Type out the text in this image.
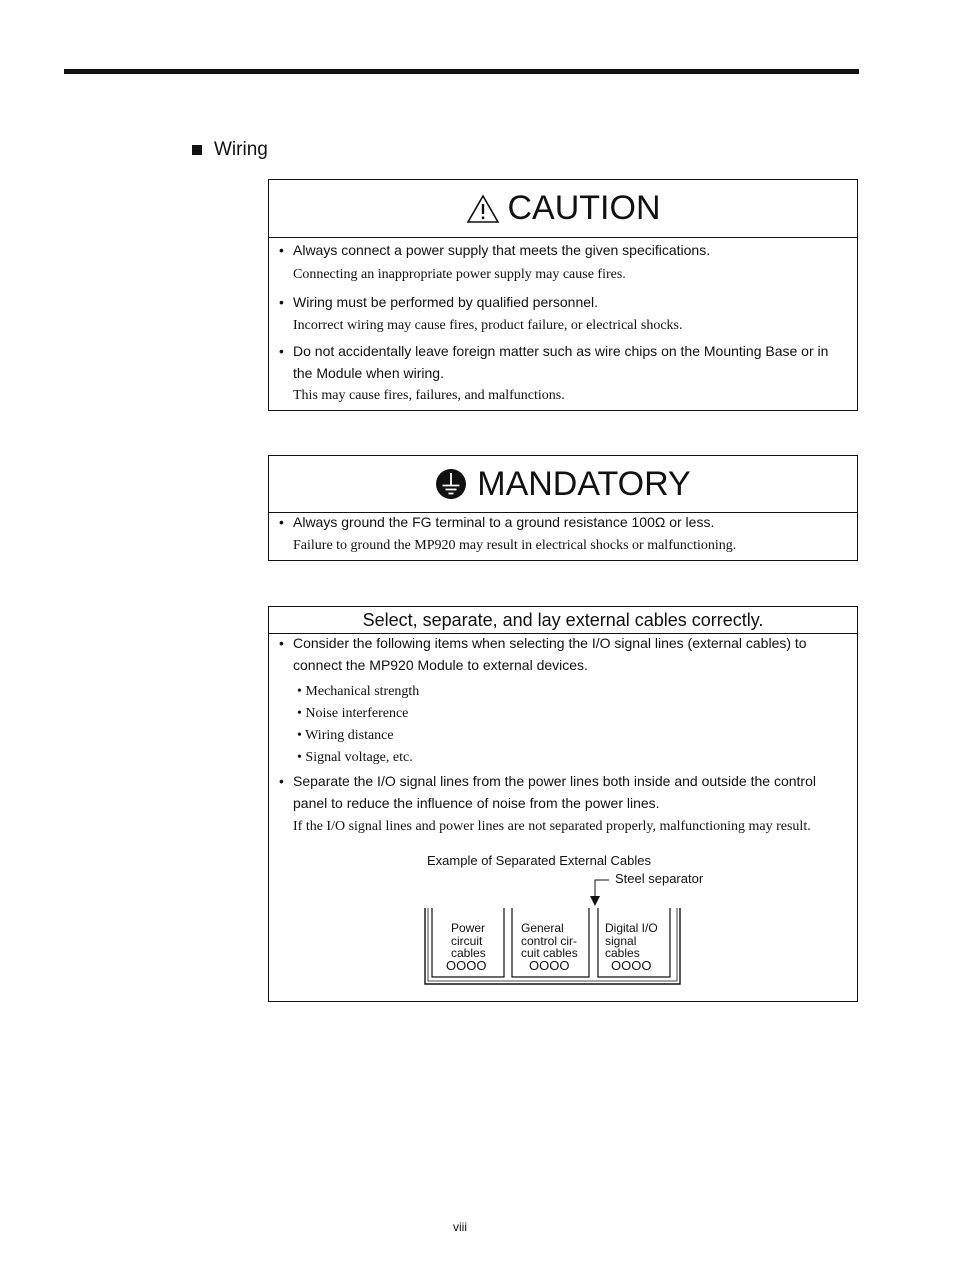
Wiring
CAUTION
• Always connect a power supply that meets the given specifications.
Connecting an inappropriate power supply may cause fires.
• Wiring must be performed by qualified personnel.
Incorrect wiring may cause fires, product failure, or electrical shocks.
• Do not accidentally leave foreign matter such as wire chips on the Mounting Base or in the Module when wiring.
This may cause fires, failures, and malfunctions.
MANDATORY
• Always ground the FG terminal to a ground resistance 100Ω or less.
Failure to ground the MP920 may result in electrical shocks or malfunctioning.
Select, separate, and lay external cables correctly.
• Consider the following items when selecting the I/O signal lines (external cables) to connect the MP920 Module to external devices.
• Mechanical strength
• Noise interference
• Wiring distance
• Signal voltage, etc.
• Separate the I/O signal lines from the power lines both inside and outside the control panel to reduce the influence of noise from the power lines.
If the I/O signal lines and power lines are not separated properly, malfunctioning may result.
Example of Separated External Cables
Steel separator
Power
circuit
cables
General
control cir-
cuit cables
Digital I/O
signal
cables
OOOO	OOOO	OOOO
viii
